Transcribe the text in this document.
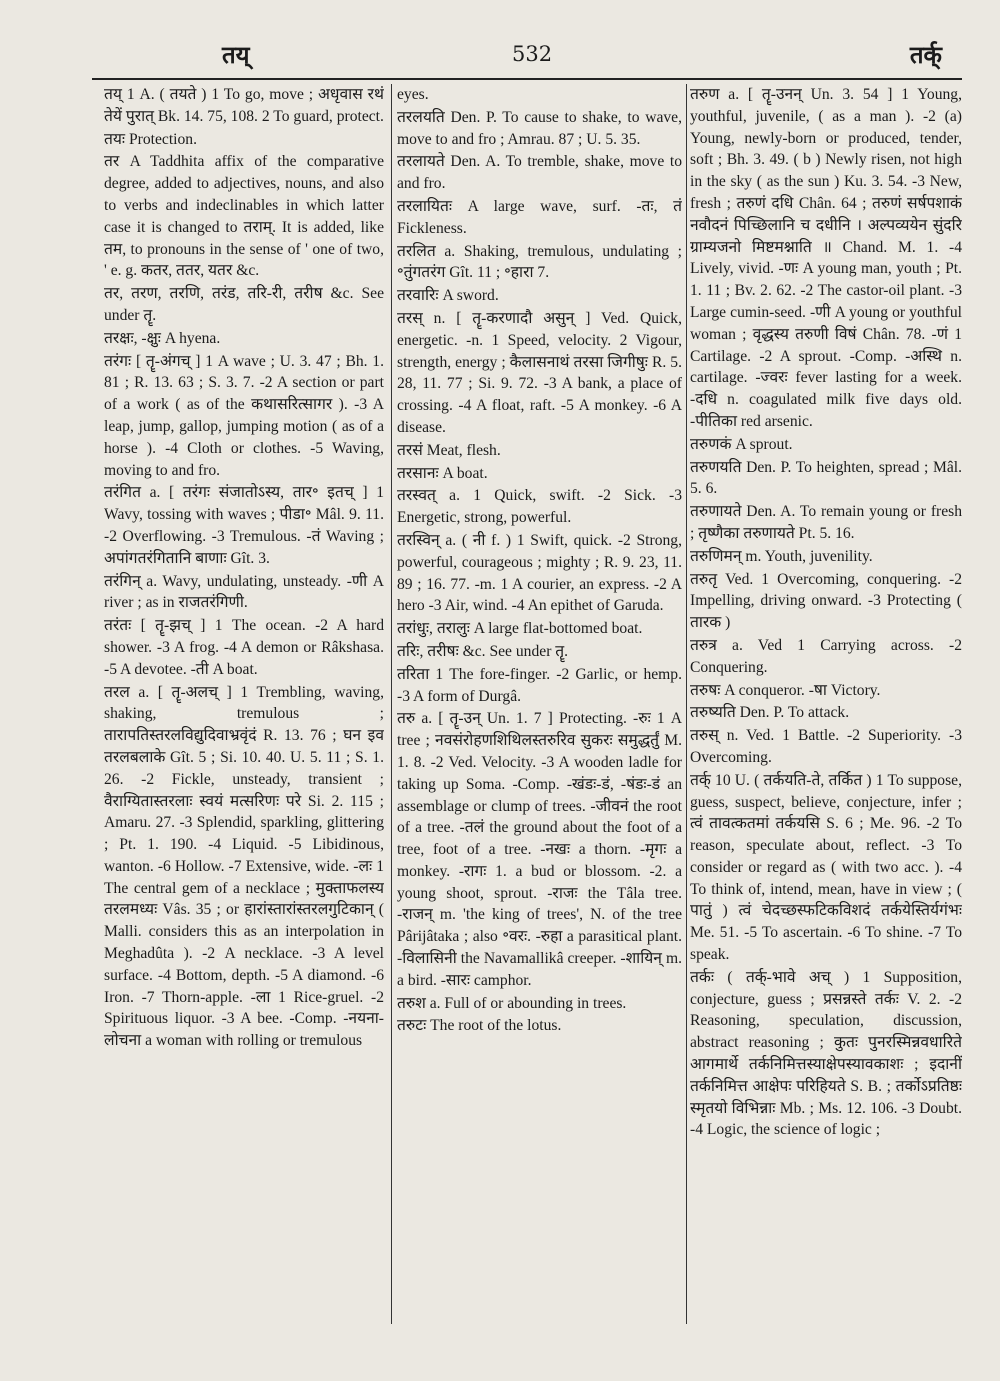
तय्	532	तर्क्

तय् 1 A. ( तयते ) 1 To go, move ; अधृवास रथं तेयें पुरात् Bk. 14. 75, 108. 2 To guard, protect.

तयः Protection.

तर A Taddhita affix of the comparative degree, added to adjectives, nouns, and also to verbs and indeclinables in which latter case it is changed to तराम्. It is added, like तम, to pronouns in the sense of ' one of two, ' e. g. कतर, ततर, यतर &c.

तर, तरण, तरणि, तरंड, तरि-री, तरीष &c. See under तॄ.

तरक्षः, -क्षुः A hyena.

तरंगः [ तॄ-अंगच् ] 1 A wave ; U. 3. 47 ; Bh. 1. 81 ; R. 13. 63 ; S. 3. 7. -2 A section or part of a work ( as of the कथासरित्सागर ). -3 A leap, jump, gallop, jumping motion ( as of a horse ). -4 Cloth or clothes. -5 Waving, moving to and fro.

तरंगित a. [ तरंगः संजातोऽस्य, तार॰ इतच् ] 1 Wavy, tossing with waves ; पीडा॰ Mâl. 9. 11. -2 Overflowing. -3 Tremulous. -तं Waving ; अपांगतरंगितानि बाणाः Gît. 3.

तरंगिन् a. Wavy, undulating, unsteady. -णी A river ; as in राजतरंगिणी.

तरंतः [ तॄ-झच् ] 1 The ocean. -2 A hard shower. -3 A frog. -4 A demon or Râkshasa. -5 A devotee. -ती A boat.

तरल a. [ तॄ-अलच् ] 1 Trembling, waving, shaking, tremulous ; तारापतिस्तरलविद्युदिवाभ्रवृंदं R. 13. 76 ; घन इव तरलबलाके Gît. 5 ; Si. 10. 40. U. 5. 11 ; S. 1. 26. -2 Fickle, unsteady, transient ; वैराग्यितास्तरलाः स्वयं मत्सरिणः परे Si. 2. 115 ; Amaru. 27. -3 Splendid, sparkling, glittering ; Pt. 1. 190. -4 Liquid. -5 Libidinous, wanton. -6 Hollow. -7 Extensive, wide. -लः 1 The central gem of a necklace ; मुक्ताफलस्य तरलमध्यः Vâs. 35 ; or हारांस्तारांस्तरलगुटिकान् ( Malli. considers this as an interpolation in Meghadûta ). -2 A necklace. -3 A level surface. -4 Bottom, depth. -5 A diamond. -6 Iron. -7 Thorn-apple. -ला 1 Rice-gruel. -2 Spirituous liquor. -3 A bee. -Comp. -नयना-लोचना a woman with rolling or tremulous

eyes.

तरलयति Den. P. To cause to shake, to wave, move to and fro ; Amrau. 87 ; U. 5. 35.

तरलायते Den. A. To tremble, shake, move to and fro.

तरलायितः A large wave, surf. -तः, तं Fickleness.

तरलित a. Shaking, tremulous, undulating ; ॰तुंगतरंग Gît. 11 ; ॰हारा 7.

तरवारिः A sword.

तरस् n. [ तॄ-करणादौ असुन् ] Ved. Quick, energetic. -n. 1 Speed, velocity. 2 Vigour, strength, energy ; कैलासनाथं तरसा जिगीषुः R. 5. 28, 11. 77 ; Si. 9. 72. -3 A bank, a place of crossing. -4 A float, raft. -5 A monkey. -6 A disease.

तरसं Meat, flesh.

तरसानः A boat.

तरस्वत् a. 1 Quick, swift. -2 Sick. -3 Energetic, strong, powerful.

तरस्विन् a. ( नी f. ) 1 Swift, quick. -2 Strong, powerful, courageous ; mighty ; R. 9. 23, 11. 89 ; 16. 77. -m. 1 A courier, an express. -2 A hero -3 Air, wind. -4 An epithet of Garuda.

तरांधुः, तरालुः A large flat-bottomed boat.

तरिः, तरीषः &c. See under तॄ.

तरिता 1 The fore-finger. -2 Garlic, or hemp. -3 A form of Durgâ.

तरु a. [ तॄ-उन् Un. 1. 7 ] Protecting. -रुः 1 A tree ; नवसंरोहणशिथिलस्तरुरिव सुकरः समुद्धर्तुं M. 1. 8. -2 Ved. Velocity. -3 A wooden ladle for taking up Soma. -Comp. -खंडः-डं, -षंडः-डं an assemblage or clump of trees. -जीवनं the root of a tree. -तलं the ground about the foot of a tree, foot of a tree. -नखः a thorn. -मृगः a monkey. -रागः 1. a bud or blossom. -2. a young shoot, sprout. -राजः the Tâla tree. -राजन् m. 'the king of trees', N. of the tree Pârijâtaka ; also ॰वरः. -रुहा a parasitical plant. -विलासिनी the Navamallikâ creeper. -शायिन् m. a bird. -सारः camphor.

तरुश a. Full of or abounding in trees.

तरुटः The root of the lotus.

तरुण a. [ तॄ-उनन् Un. 3. 54 ] 1 Young, youthful, juvenile, ( as a man ). -2 (a) Young, newly-born or produced, tender, soft ; Bh. 3. 49. ( b ) Newly risen, not high in the sky ( as the sun ) Ku. 3. 54. -3 New, fresh ; तरुणं दधि Chân. 64 ; तरुणं सर्षपशाकं नवौदनं पिच्छिलानि च दधीनि । अल्पव्ययेन सुंदरि ग्राम्यजनो मिष्टमश्नाति ॥ Chand. M. 1. -4 Lively, vivid. -णः A young man, youth ; Pt. 1. 11 ; Bv. 2. 62. -2 The castor-oil plant. -3 Large cumin-seed. -णी A young or youthful woman ; वृद्धस्य तरुणी विषं Chân. 78. -णं 1 Cartilage. -2 A sprout. -Comp. -अस्थि n. cartilage. -ज्वरः fever lasting for a week. -दधि n. coagulated milk five days old. -पीतिका red arsenic.

तरुणकं A sprout.

तरुणयति Den. P. To heighten, spread ; Mâl. 5. 6.

तरुणायते Den. A. To remain young or fresh ; तृष्णैका तरुणायते Pt. 5. 16.

तरुणिमन् m. Youth, juvenility.

तरुतृ Ved. 1 Overcoming, conquering. -2 Impelling, driving onward. -3 Protecting ( तारक )

तरुत्र a. Ved 1 Carrying across. -2 Conquering.

तरुषः A conqueror. -षा Victory.

तरुष्यति Den. P. To attack.

तरुस् n. Ved. 1 Battle. -2 Superiority. -3 Overcoming.

तर्क् 10 U. ( तर्कयति-ते, तर्कित ) 1 To suppose, guess, suspect, believe, conjecture, infer ; त्वं तावत्कतमां तर्कयसि S. 6 ; Me. 96. -2 To reason, speculate about, reflect. -3 To consider or regard as ( with two acc. ). -4 To think of, intend, mean, have in view ; ( पातुं ) त्वं चेदच्छस्फटिकविशदं तर्कयेस्तिर्यगंभः Me. 51. -5 To ascertain. -6 To shine. -7 To speak.

तर्कः ( तर्क्-भावे अच् ) 1 Supposition, conjecture, guess ; प्रसन्नस्ते तर्कः V. 2. -2 Reasoning, speculation, discussion, abstract reasoning ; कुतः पुनरस्मिन्नवधारिते आगमार्थे तर्कनिमित्तस्याक्षेपस्यावकाशः ; इदानीं तर्कनिमित्त आक्षेपः परिहियते S. B. ; तर्कोऽप्रतिष्ठः स्मृतयो विभिन्नाः Mb. ; Ms. 12. 106. -3 Doubt. -4 Logic, the science of logic ;
